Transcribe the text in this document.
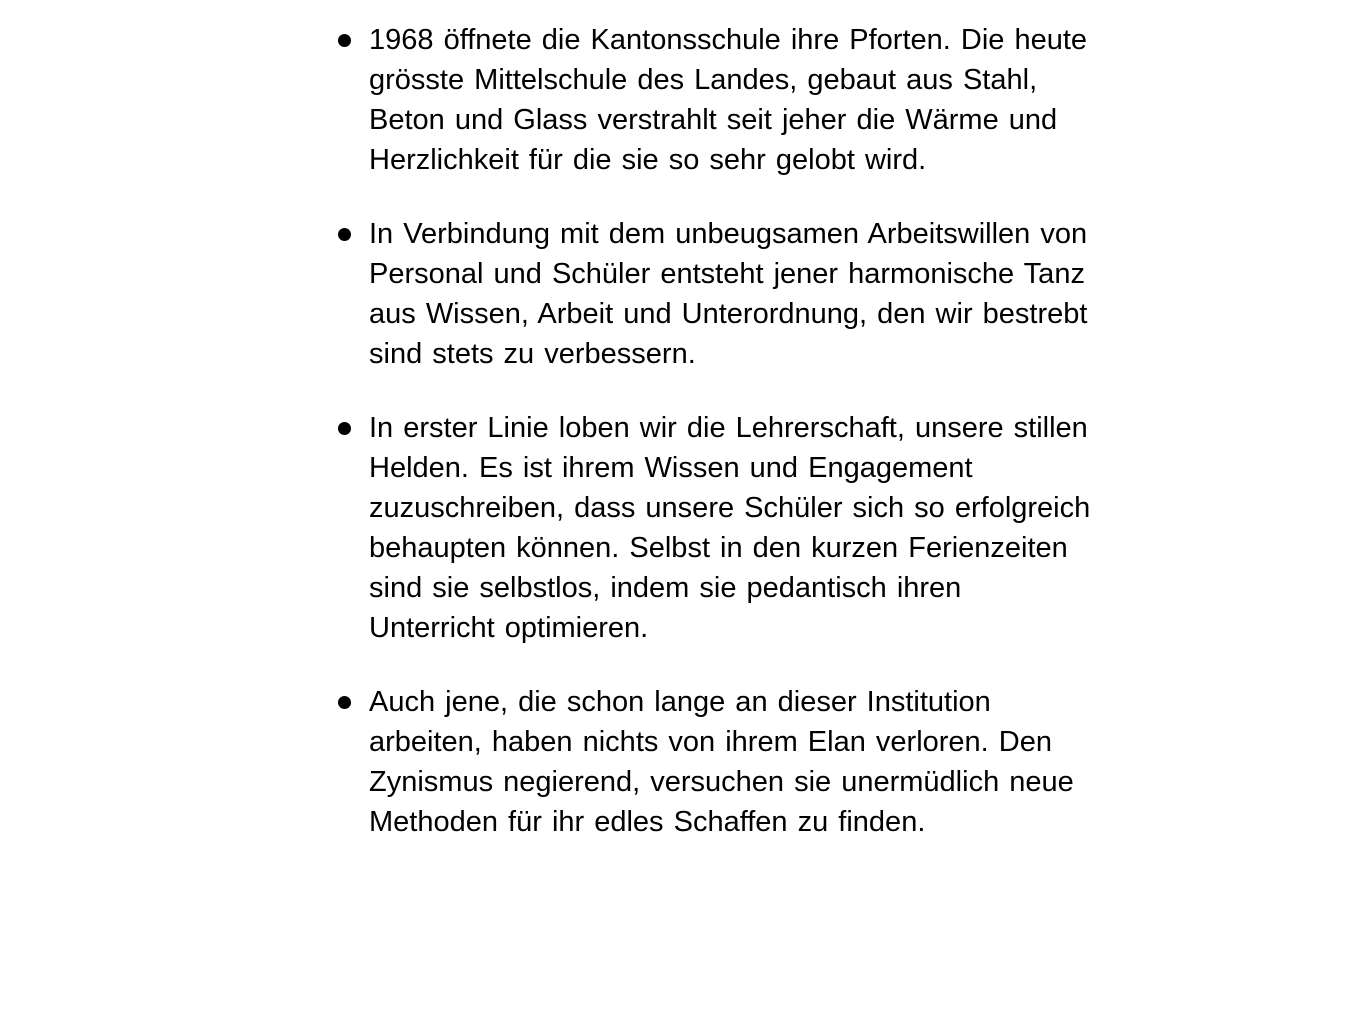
1968 öffnete die Kantonsschule ihre Pforten. Die heute grösste Mittelschule des Landes, gebaut aus Stahl, Beton und Glass verstrahlt seit jeher die Wärme und Herzlichkeit für die sie so sehr gelobt wird.
In Verbindung mit dem unbeugsamen Arbeitswillen von Personal und Schüler entsteht jener harmonische Tanz aus Wissen, Arbeit und Unterordnung, den wir bestrebt sind stets zu verbessern.
In erster Linie loben wir die Lehrerschaft, unsere stillen Helden. Es ist ihrem Wissen und Engagement zuzuschreiben, dass unsere Schüler sich so erfolgreich behaupten können. Selbst in den kurzen Ferienzeiten sind sie selbstlos, indem sie pedantisch ihren Unterricht optimieren.
Auch jene, die schon lange an dieser Institution arbeiten, haben nichts von ihrem Elan verloren. Den Zynismus negierend, versuchen sie unermüdlich neue Methoden für ihr edles Schaffen zu finden.
